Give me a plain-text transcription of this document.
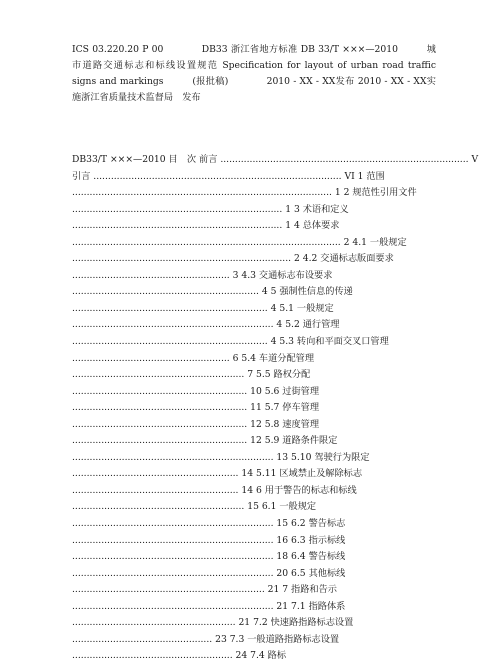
ICS 03.220.20 P 00　　　　DB33 浙江省地方标准 DB 33/T ×××—2010　　　城市道路交通标志和标线设置规范 Specification for layout of urban road traffic signs and markings　　　(报批稿)　　　　2010 - XX - XX发布 2010 - XX - XX实施浙江省质量技术监督局　发布
DB33/T ×××—2010 目　次 前言 ..................................................................................... V
引言 ..................................................................................... VI 1 范围
......................................................................................... 1 2 规范性引用文件
........................................................................ 1 3 术语和定义
........................................................................ 1 4 总体要求
............................................................................................ 2 4.1 一般规定
........................................................................... 2 4.2 交通标志版面要求
...................................................... 3 4.3 交通标志布设要求
................................................................ 4 5 强制性信息的传递
................................................................... 4 5.1 一般规定
..................................................................... 4 5.2 通行管理
................................................................... 4 5.3 转向和平面交叉口管理
...................................................... 6 5.4 车道分配管理
........................................................... 7 5.5 路权分配
............................................................ 10 5.6 过街管理
............................................................ 11 5.7 停车管理
............................................................ 12 5.8 速度管理
............................................................ 12 5.9 道路条件限定
..................................................................... 13 5.10 驾驶行为限定
......................................................... 14 5.11 区域禁止及解除标志
......................................................... 14 6 用于警告的标志和标线
........................................................... 15 6.1 一般规定
..................................................................... 15 6.2 警告标志
..................................................................... 16 6.3 指示标线
..................................................................... 18 6.4 警告标线
..................................................................... 20 6.5 其他标线
.................................................................. 21 7 指路和告示
..................................................................... 21 7.1 指路体系
........................................................ 21 7.2 快速路指路标志设置
................................................ 23 7.3 一般道路指路标志设置
....................................................... 24 7.4 路标
